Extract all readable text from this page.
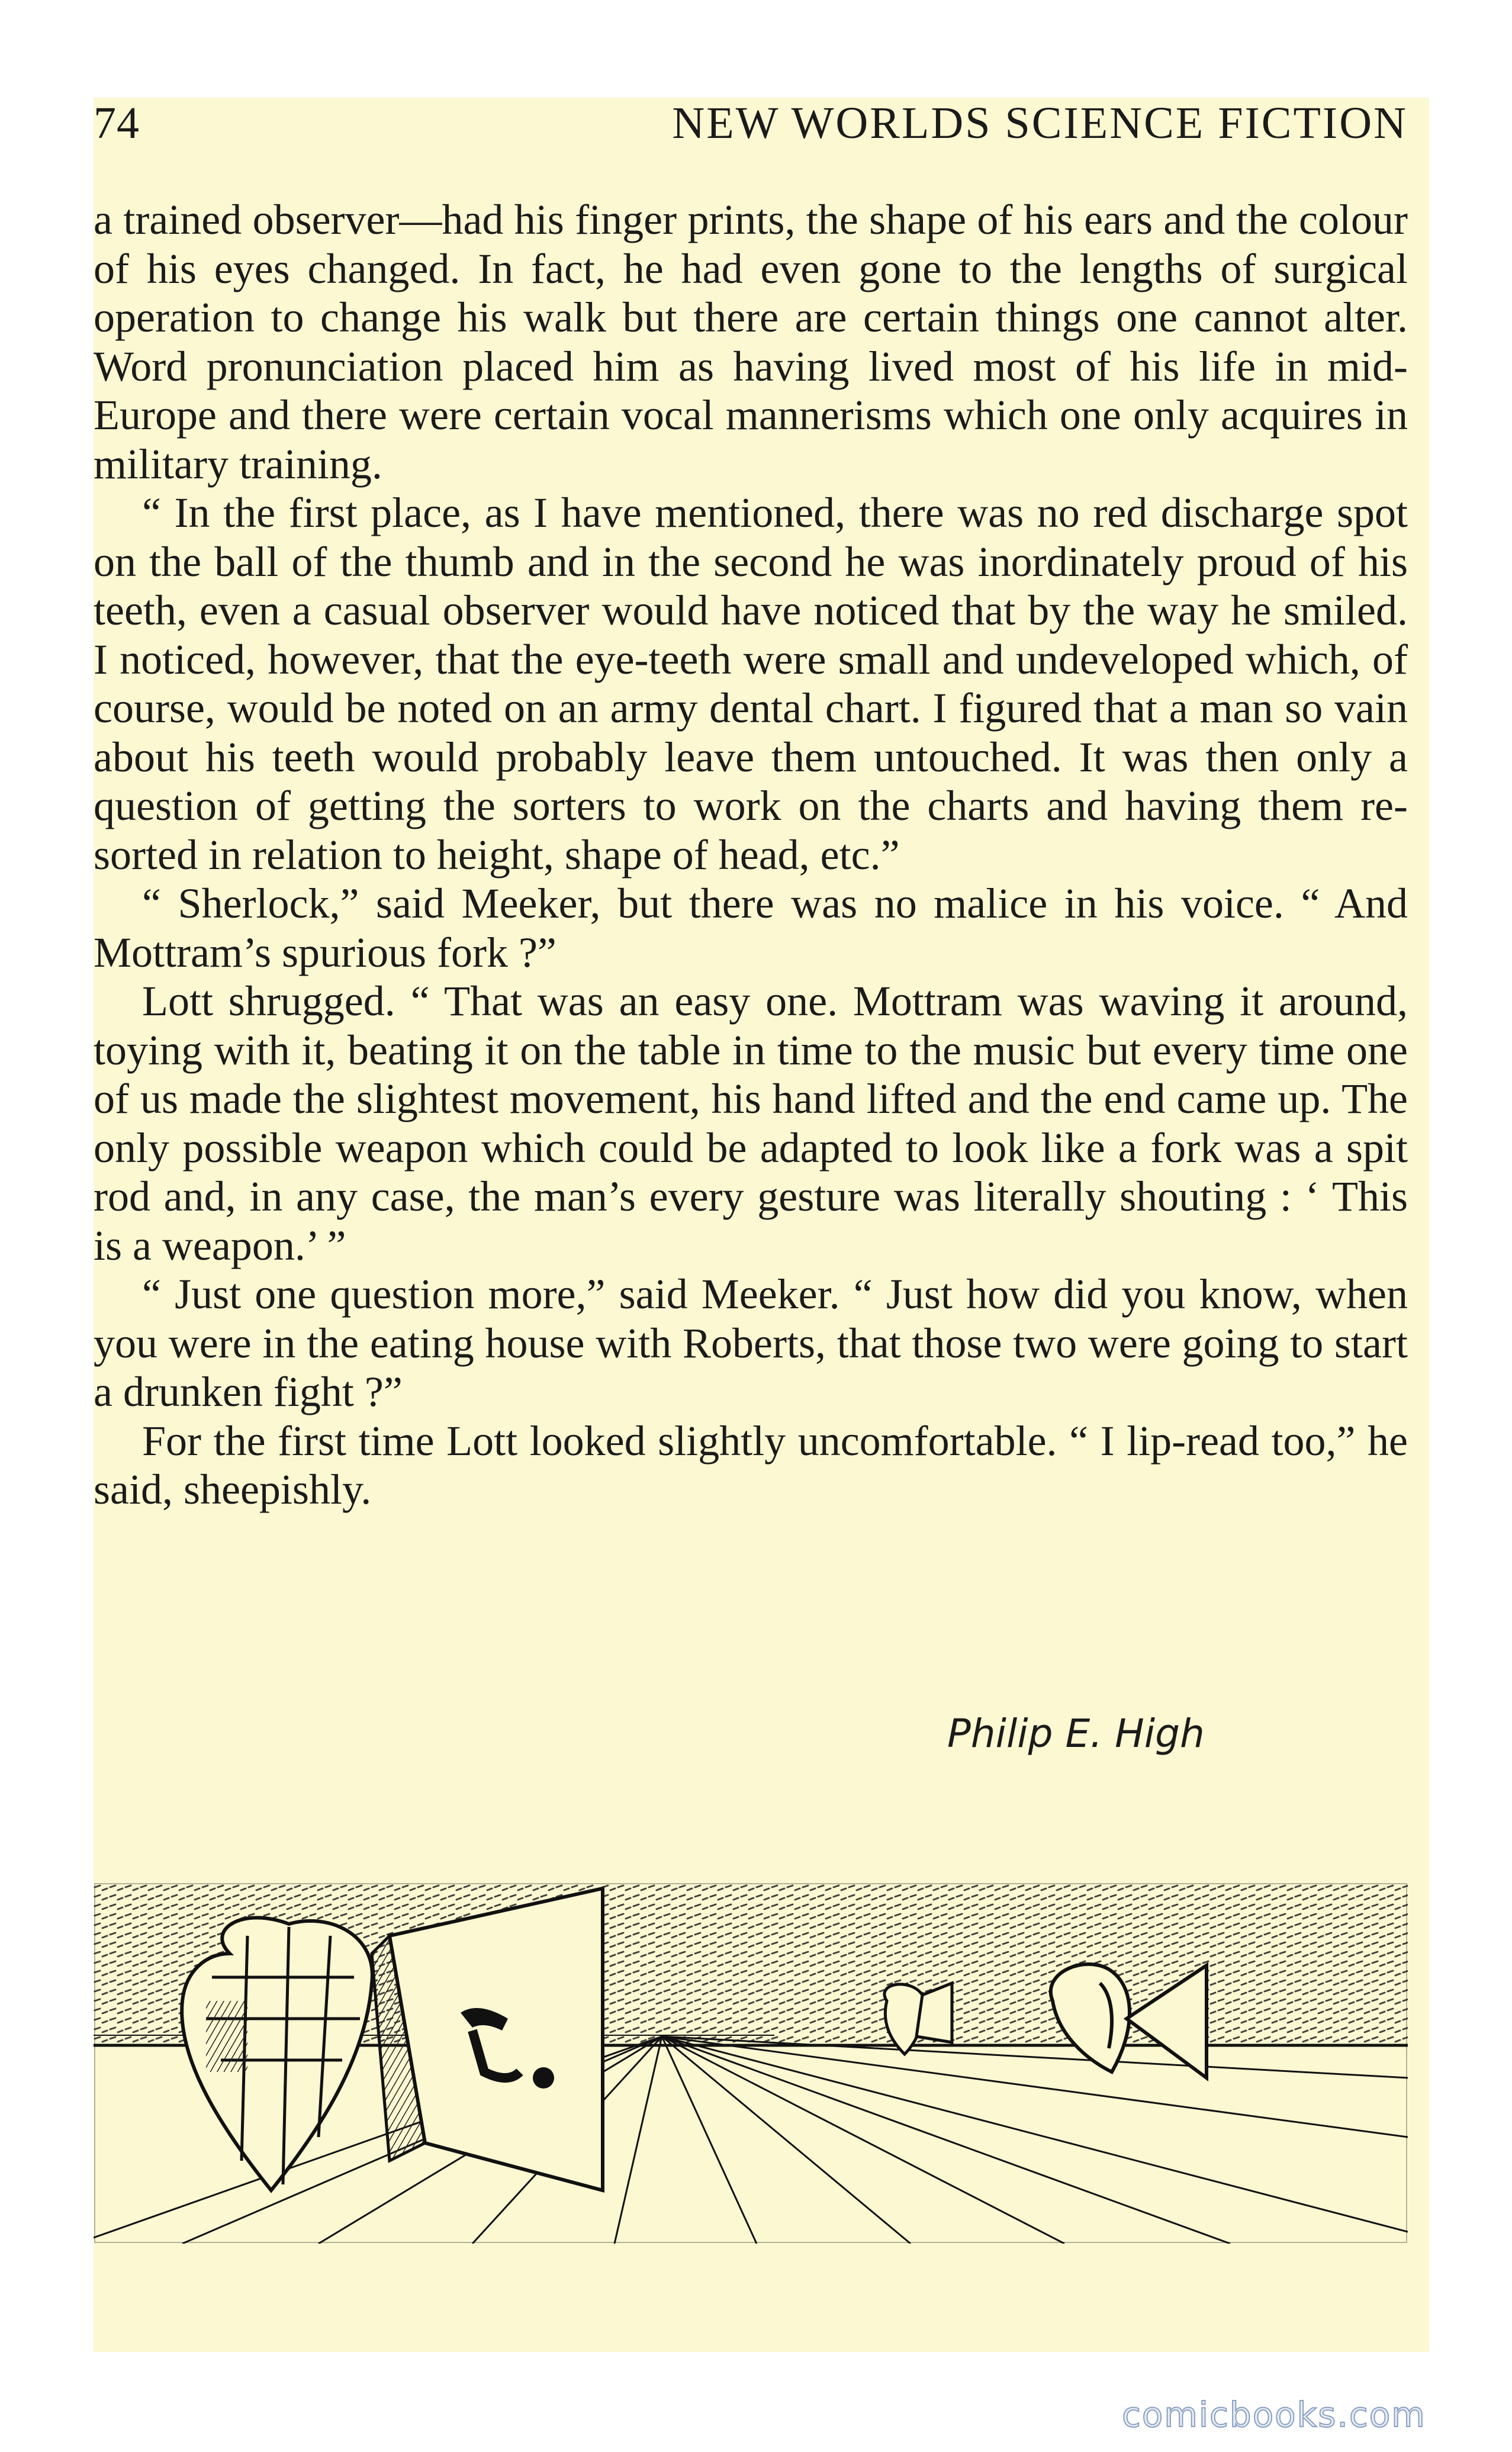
74	NEW WORLDS SCIENCE FICTION

a trained observer—had his finger prints, the shape of his ears and the colour of his eyes changed. In fact, he had even gone to the lengths of surgical operation to change his walk but there are certain things one cannot alter. Word pronunciation placed him as having lived most of his life in mid-Europe and there were certain vocal mannerisms which one only acquires in military training.

“ In the first place, as I have mentioned, there was no red discharge spot on the ball of the thumb and in the second he was inordinately proud of his teeth, even a casual observer would have noticed that by the way he smiled. I noticed, however, that the eye-teeth were small and undeveloped which, of course, would be noted on an army dental chart. I figured that a man so vain about his teeth would probably leave them untouched. It was then only a question of getting the sorters to work on the charts and having them re-sorted in relation to height, shape of head, etc.”

“ Sherlock,” said Meeker, but there was no malice in his voice. “ And Mottram’s spurious fork ?”

Lott shrugged. “ That was an easy one. Mottram was waving it around, toying with it, beating it on the table in time to the music but every time one of us made the slightest movement, his hand lifted and the end came up. The only possible weapon which could be adapted to look like a fork was a spit rod and, in any case, the man’s every gesture was literally shouting : ‘ This is a weapon.’ ”

“ Just one question more,” said Meeker. “ Just how did you know, when you were in the eating house with Roberts, that those two were going to start a drunken fight ?”

For the first time Lott looked slightly uncomfortable. “ I lip-read too,” he said, sheepishly.

Philip E. High
comicbooks.com
